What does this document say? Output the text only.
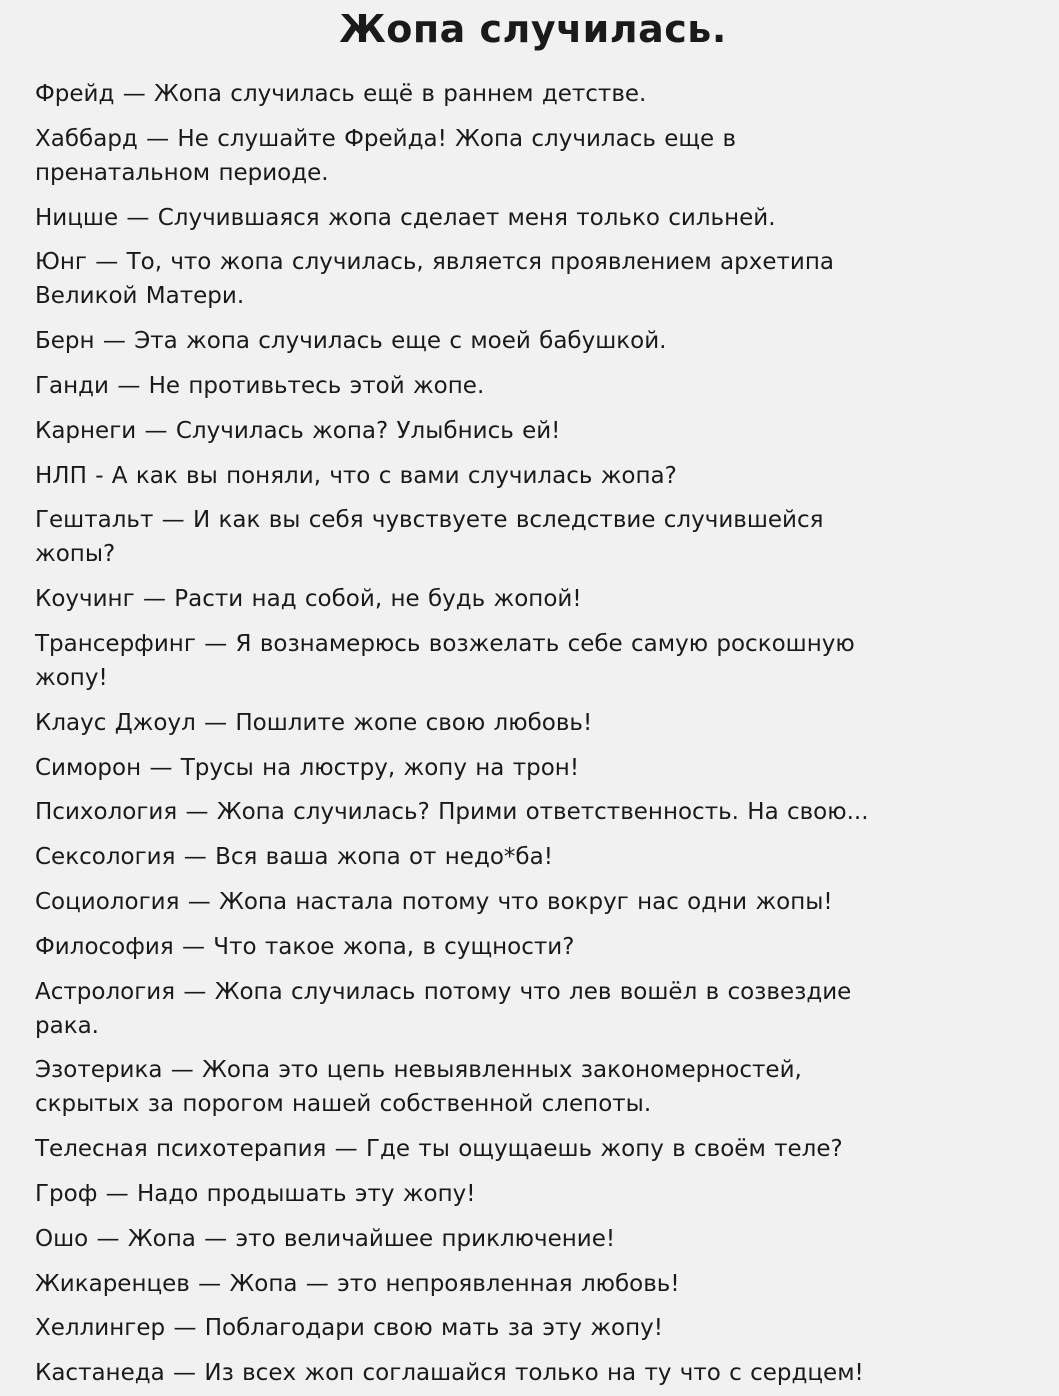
Жопа случилась.
Фрейд — Жопа случилась ещё в раннем детстве.
Хаббард — Не слушайте Фрейда! Жопа случилась еще в
пренатальном периоде.
Ницше — Случившаяся жопа сделает меня только сильней.
Юнг — То, что жопа случилась, является проявлением архетипа
Великой Матери.
Берн — Эта жопа случилась еще с моей бабушкой.
Ганди — Не противьтесь этой жопе.
Карнеги — Случилась жопа? Улыбнись ей!
НЛП - А как вы поняли, что с вами случилась жопа?
Гештальт — И как вы себя чувствуете вследствие случившейся
жопы?
Коучинг — Расти над собой, не будь жопой!
Трансерфинг — Я вознамерюсь возжелать себе самую роскошную
жопу!
Клаус Джоул — Пошлите жопе свою любовь!
Симорон — Трусы на люстру, жопу на трон!
Психология — Жопа случилась? Прими ответственность. На свою...
Сексология — Вся ваша жопа от недо*ба!
Социология — Жопа настала потому что вокруг нас одни жопы!
Философия — Что такое жопа, в сущности?
Астрология — Жопа случилась потому что лев вошёл в созвездие
рака.
Эзотерика — Жопа это цепь невыявленных закономерностей,
скрытых за порогом нашей собственной слепоты.
Телесная психотерапия — Где ты ощущаешь жопу в своём теле?
Гроф — Надо продышать эту жопу!
Ошо — Жопа — это величайшее приключение!
Жикаренцев — Жопа — это непроявленная любовь!
Хеллингер — Поблагодари свою мать за эту жопу!
Кастанеда — Из всех жоп соглашайся только на ту что с сердцем!
